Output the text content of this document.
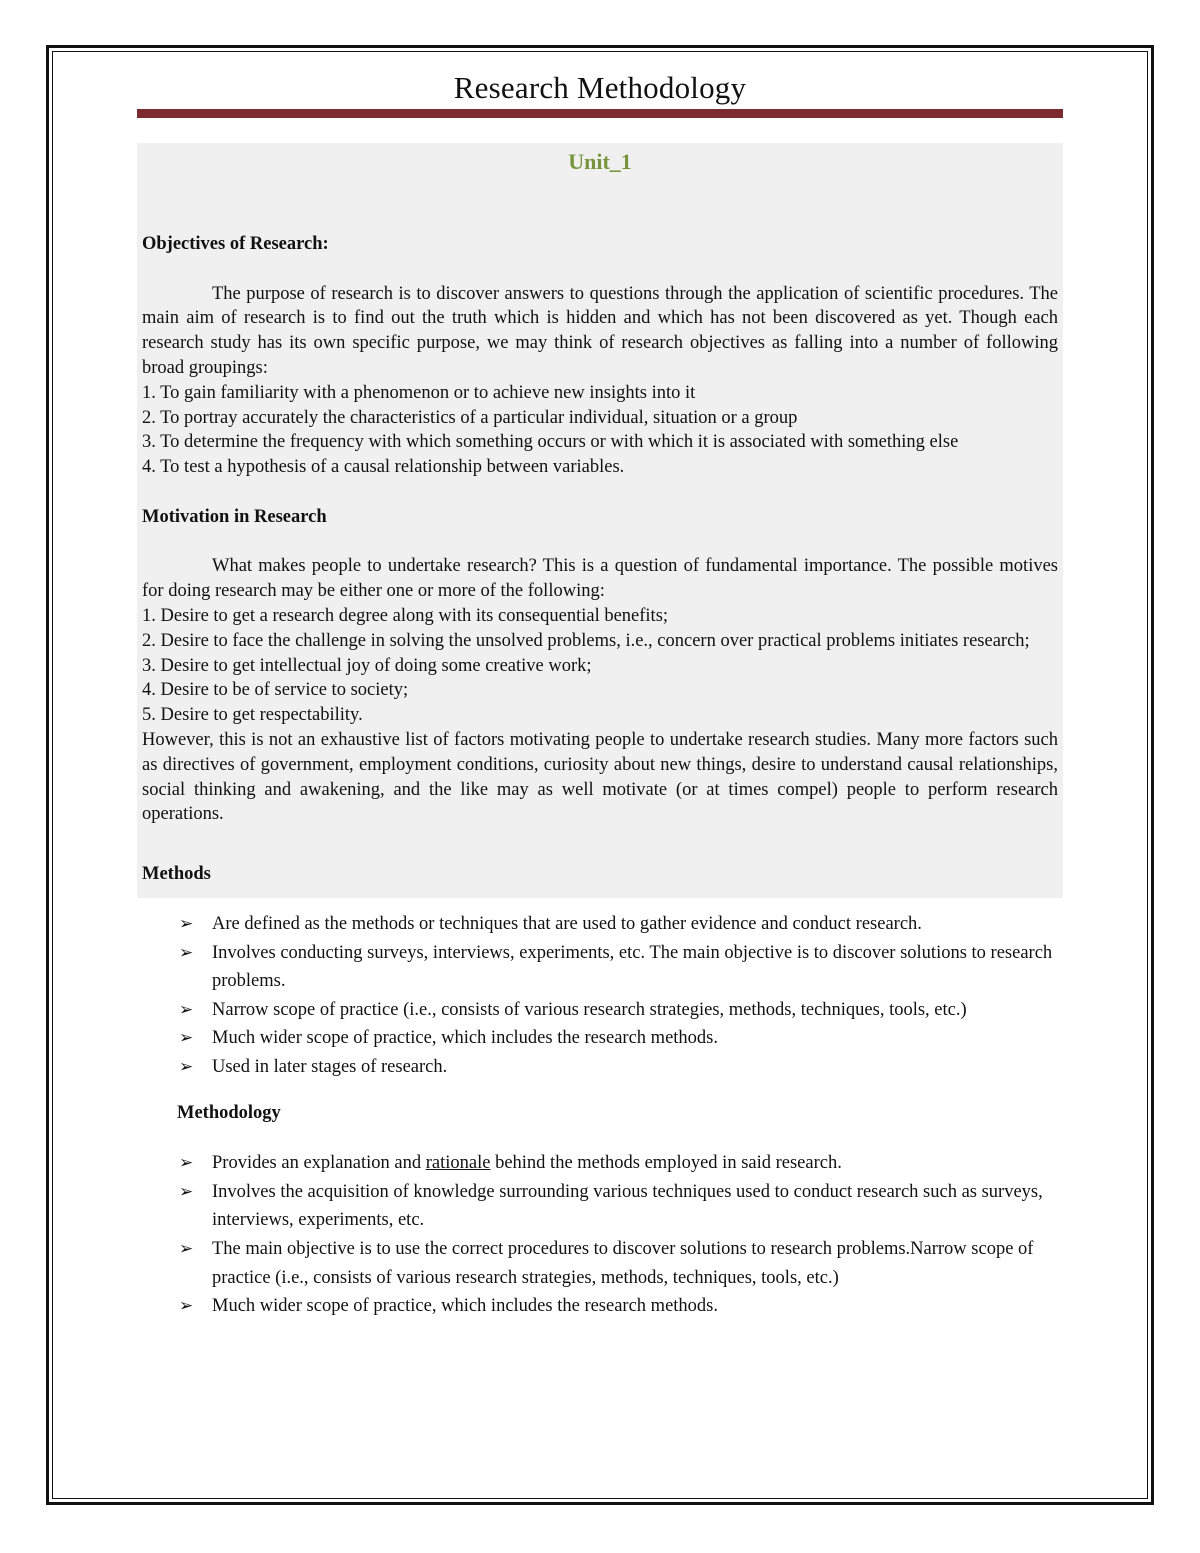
Research Methodology
Unit_1
Objectives of Research:

The purpose of research is to discover answers to questions through the application of scientific procedures. The main aim of research is to find out the truth which is hidden and which has not been discovered as yet. Though each research study has its own specific purpose, we may think of research objectives as falling into a number of following broad groupings:

1. To gain familiarity with a phenomenon or to achieve new insights into it
2. To portray accurately the characteristics of a particular individual, situation or a group
3. To determine the frequency with which something occurs or with which it is associated with something else
4. To test a hypothesis of a causal relationship between variables.
Motivation in Research

What makes people to undertake research? This is a question of fundamental importance. The possible motives for doing research may be either one or more of the following:

1. Desire to get a research degree along with its consequential benefits;
2. Desire to face the challenge in solving the unsolved problems, i.e., concern over practical problems initiates research;
3. Desire to get intellectual joy of doing some creative work;
4. Desire to be of service to society;
5. Desire to get respectability.

However, this is not an exhaustive list of factors motivating people to undertake research studies. Many more factors such as directives of government, employment conditions, curiosity about new things, desire to understand causal relationships, social thinking and awakening, and the like may as well motivate (or at times compel) people to perform research operations.

Methods
➢ Are defined as the methods or techniques that are used to gather evidence and conduct research.
➢ Involves conducting surveys, interviews, experiments, etc. The main objective is to discover solutions to research problems.
➢ Narrow scope of practice (i.e., consists of various research strategies, methods, techniques, tools, etc.)
➢ Much wider scope of practice, which includes the research methods.
➢ Used in later stages of research.
Methodology
➢ Provides an explanation and rationale behind the methods employed in said research.
➢ Involves the acquisition of knowledge surrounding various techniques used to conduct research such as surveys, interviews, experiments, etc.
➢ The main objective is to use the correct procedures to discover solutions to research problems.Narrow scope of practice (i.e., consists of various research strategies, methods, techniques, tools, etc.)
➢ Much wider scope of practice, which includes the research methods.
